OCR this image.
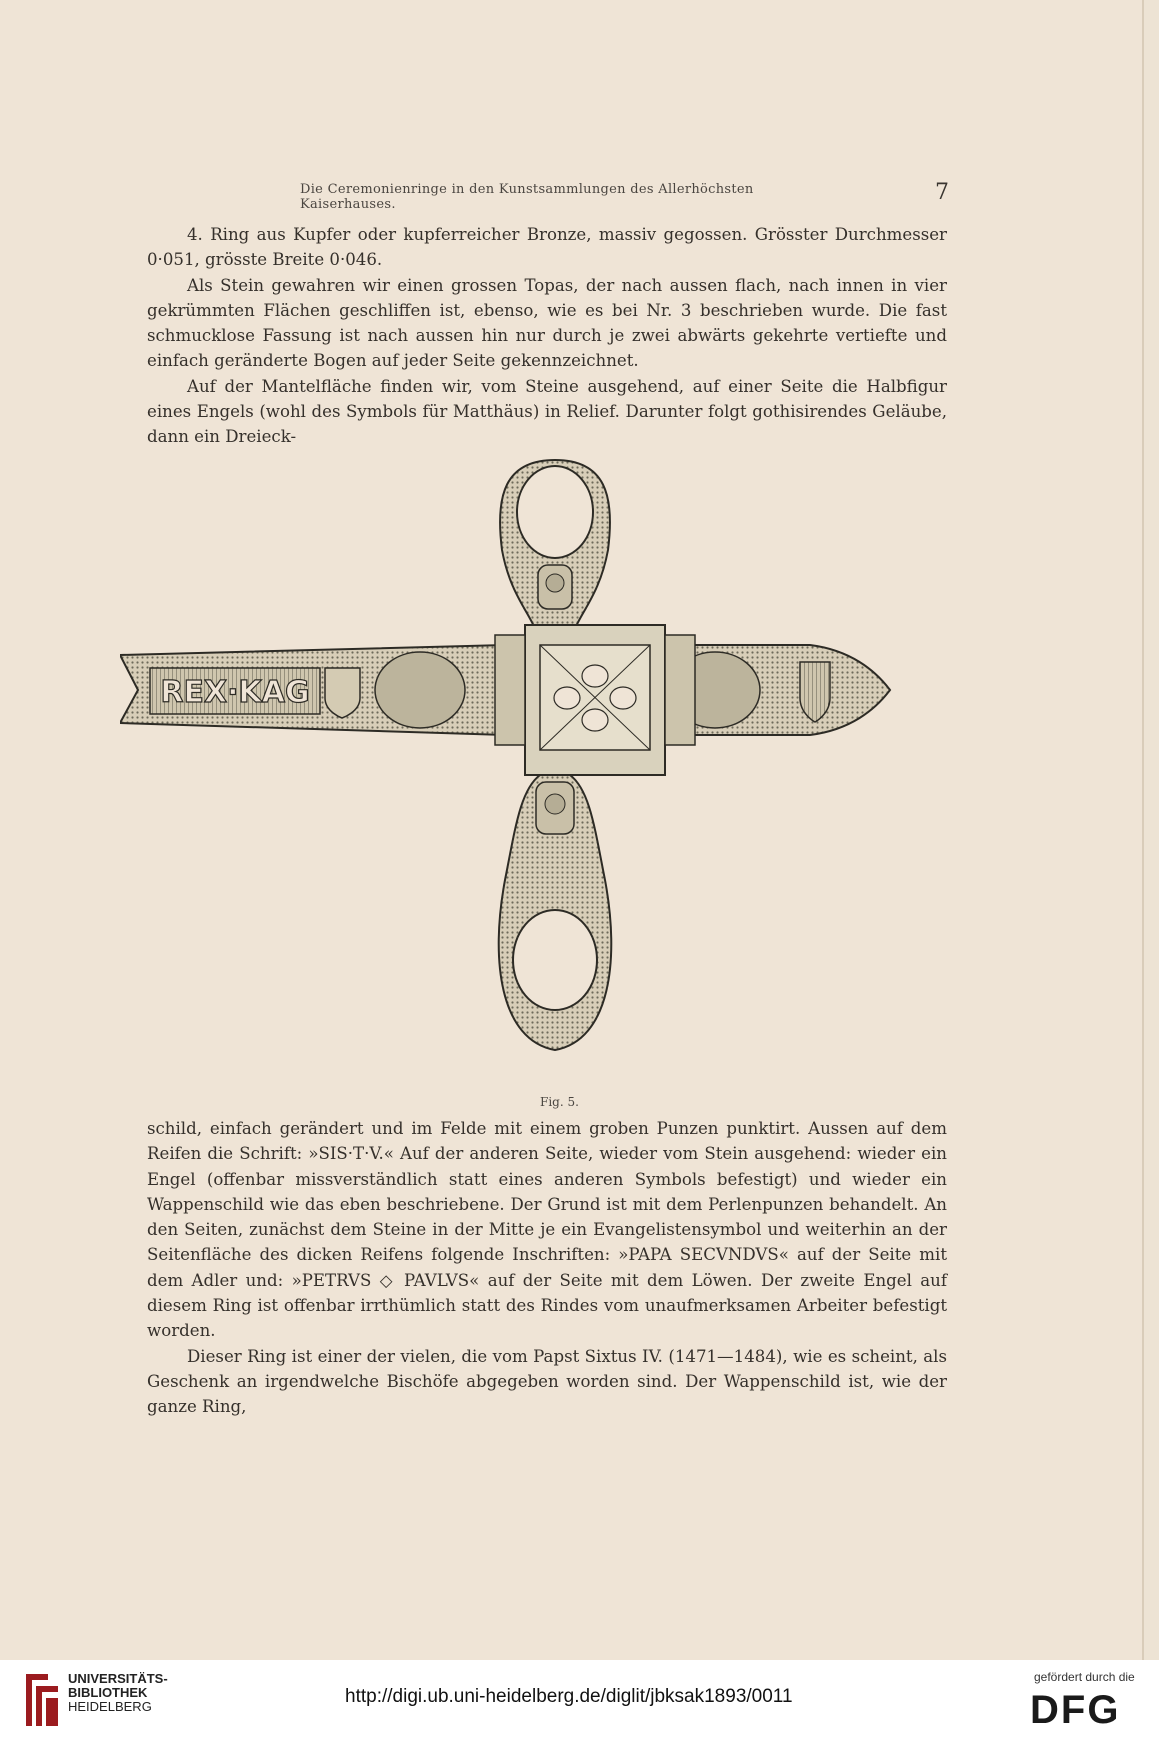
Die Ceremonienringe in den Kunstsammlungen des Allerhöchsten Kaiserhauses.	7

4. Ring aus Kupfer oder kupferreicher Bronze, massiv gegossen. Grösster Durchmesser 0·051, grösste Breite 0·046.

Als Stein gewahren wir einen grossen Topas, der nach aussen flach, nach innen in vier gekrümmten Flächen geschliffen ist, ebenso, wie es bei Nr. 3 beschrieben wurde. Die fast schmucklose Fassung ist nach aussen hin nur durch je zwei abwärts gekehrte vertiefte und einfach geränderte Bogen auf jeder Seite gekennzeichnet.

Auf der Mantelfläche finden wir, vom Steine ausgehend, auf einer Seite die Halbfigur eines Engels (wohl des Symbols für Matthäus) in Relief. Darunter folgt gothisirendes Geläube, dann ein Dreieck-

REX·KAG
Fig. 5.

schild, einfach gerändert und im Felde mit einem groben Punzen punktirt. Aussen auf dem Reifen die Schrift: »SIS·T·V.« Auf der anderen Seite, wieder vom Stein ausgehend: wieder ein Engel (offenbar missverständlich statt eines anderen Symbols befestigt) und wieder ein Wappenschild wie das eben beschriebene. Der Grund ist mit dem Perlenpunzen behandelt. An den Seiten, zunächst dem Steine in der Mitte je ein Evangelistensymbol und weiterhin an der Seitenfläche des dicken Reifens folgende Inschriften: »PAPA SECVNDVS« auf der Seite mit dem Adler und: »PETRVS ◇ PAVLVS« auf der Seite mit dem Löwen. Der zweite Engel auf diesem Ring ist offenbar irrthümlich statt des Rindes vom unaufmerksamen Arbeiter befestigt worden.

Dieser Ring ist einer der vielen, die vom Papst Sixtus IV. (1471—1484), wie es scheint, als Geschenk an irgendwelche Bischöfe abgegeben worden sind. Der Wappenschild ist, wie der ganze Ring,

UNIVERSITÄTS-
BIBLIOTHEK
HEIDELBERG	http://digi.ub.uni-heidelberg.de/diglit/jbksak1893/0011
gefördert durch die
DFG
